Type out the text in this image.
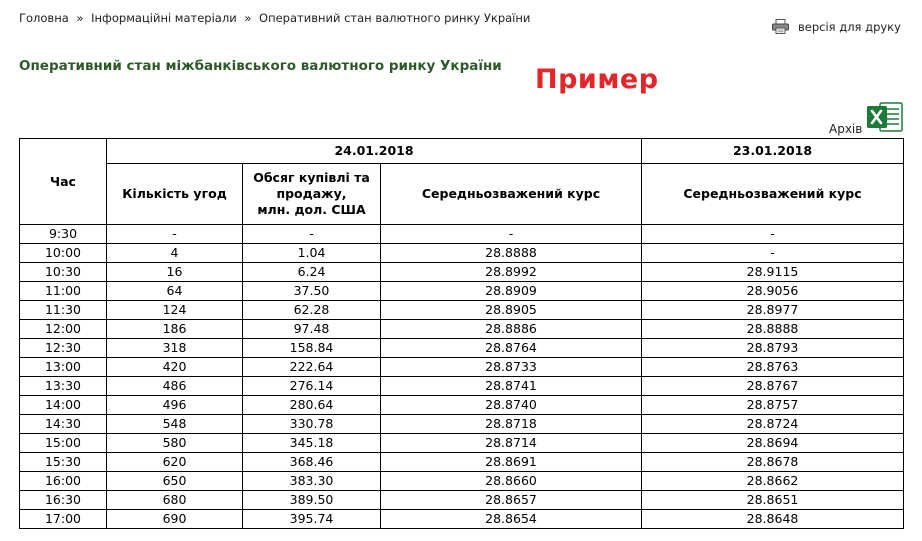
Головна » Інформаційні матеріали » Оперативний стан валютного ринку України
версія для друку
Оперативний стан міжбанківського валютного ринку України Пример
Архів
Час	24.01.2018			23.01.2018
	Кількість угод	Обсяг купівлі та
продажу,
млн. дол. США	Середньозважений курс	Середньозважений курс
9:30	-	-	-	-
10:00	4	1.04	28.8888	-
10:30	16	6.24	28.8992	28.9115
11:00	64	37.50	28.8909	28.9056
11:30	124	62.28	28.8905	28.8977
12:00	186	97.48	28.8886	28.8888
12:30	318	158.84	28.8764	28.8793
13:00	420	222.64	28.8733	28.8763
13:30	486	276.14	28.8741	28.8767
14:00	496	280.64	28.8740	28.8757
14:30	548	330.78	28.8718	28.8724
15:00	580	345.18	28.8714	28.8694
15:30	620	368.46	28.8691	28.8678
16:00	650	383.30	28.8660	28.8662
16:30	680	389.50	28.8657	28.8651
17:00	690	395.74	28.8654	28.8648
